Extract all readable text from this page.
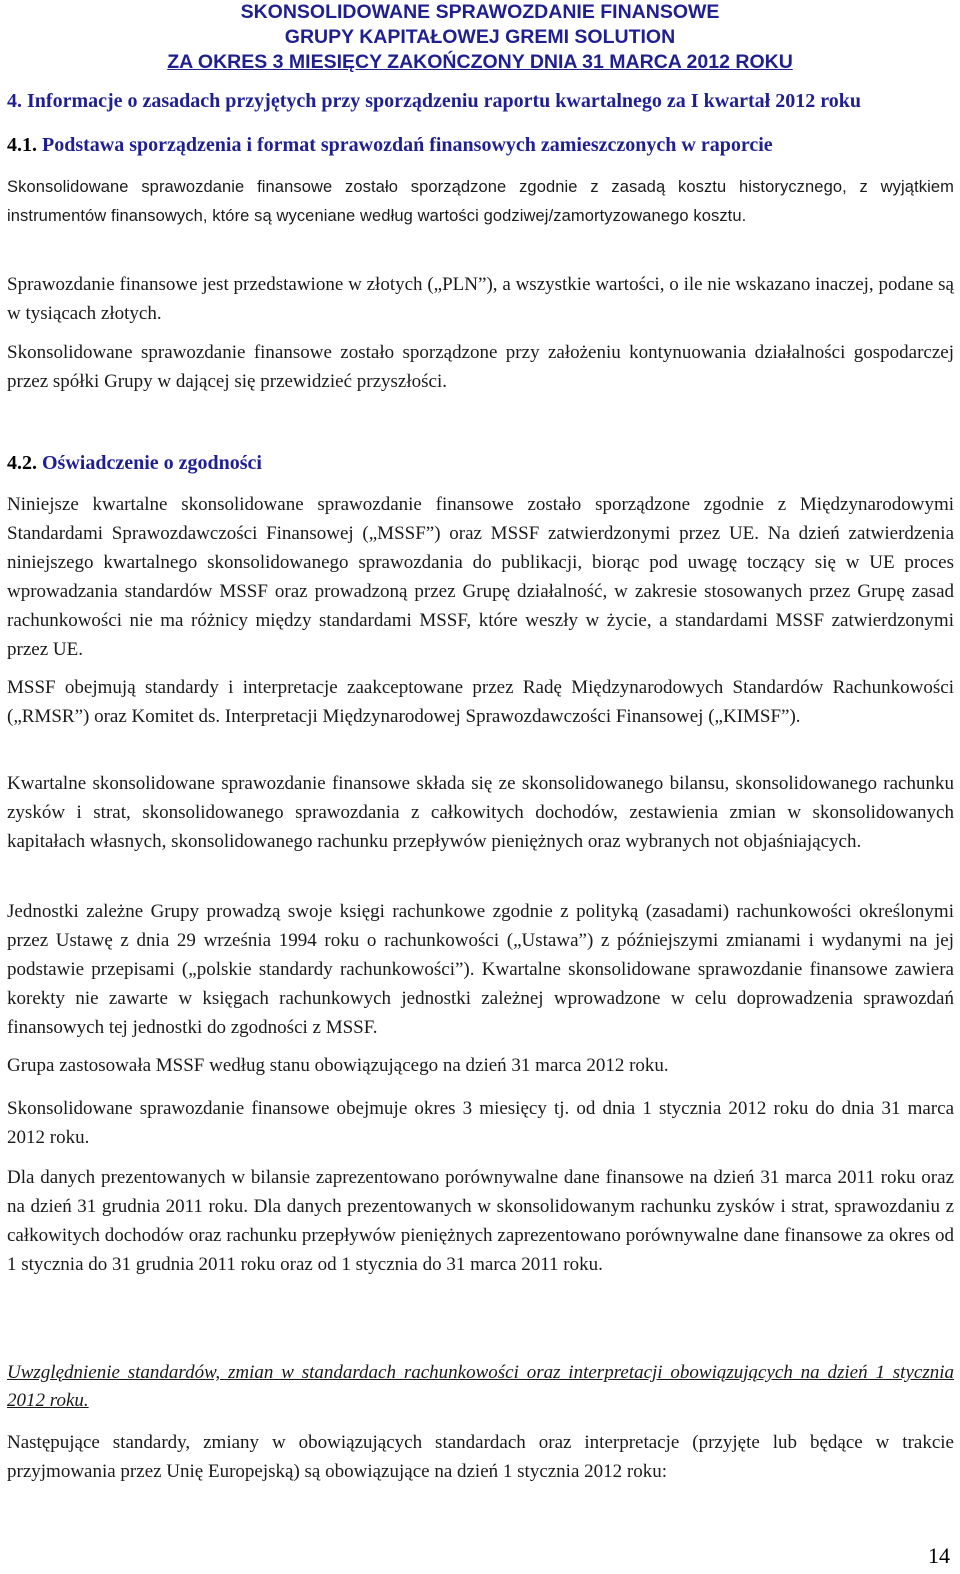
SKONSOLIDOWANE SPRAWOZDANIE FINANSOWE
GRUPY KAPITAŁOWEJ GREMI SOLUTION
ZA OKRES 3 MIESIĘCY ZAKOŃCZONY DNIA 31 MARCA 2012 ROKU
4. Informacje o zasadach przyjętych przy sporządzeniu raportu kwartalnego za I kwartał 2012 roku
4.1. Podstawa sporządzenia i format sprawozdań finansowych zamieszczonych w raporcie

Skonsolidowane sprawozdanie finansowe zostało sporządzone zgodnie z zasadą kosztu historycznego, z wyjątkiem instrumentów finansowych, które są wyceniane według wartości godziwej/zamortyzowanego kosztu.

Sprawozdanie finansowe jest przedstawione w złotych („PLN”), a wszystkie wartości, o ile nie wskazano inaczej, podane są w tysiącach złotych.

Skonsolidowane sprawozdanie finansowe zostało sporządzone przy założeniu kontynuowania działalności gospodarczej przez spółki Grupy w dającej się przewidzieć przyszłości.

4.2. Oświadczenie o zgodności

Niniejsze kwartalne skonsolidowane sprawozdanie finansowe zostało sporządzone zgodnie z Międzynarodowymi Standardami Sprawozdawczości Finansowej („MSSF”) oraz MSSF zatwierdzonymi przez UE. Na dzień zatwierdzenia niniejszego kwartalnego skonsolidowanego sprawozdania do publikacji, biorąc pod uwagę toczący się w UE proces wprowadzania standardów MSSF oraz prowadzoną przez Grupę działalność, w zakresie stosowanych przez Grupę zasad rachunkowości nie ma różnicy między standardami MSSF, które weszły w życie, a standardami MSSF zatwierdzonymi przez UE.

MSSF obejmują standardy i interpretacje zaakceptowane przez Radę Międzynarodowych Standardów Rachunkowości („RMSR”) oraz Komitet ds. Interpretacji Międzynarodowej Sprawozdawczości Finansowej („KIMSF”).

Kwartalne skonsolidowane sprawozdanie finansowe składa się ze skonsolidowanego bilansu, skonsolidowanego rachunku zysków i strat, skonsolidowanego sprawozdania z całkowitych dochodów, zestawienia zmian w skonsolidowanych kapitałach własnych, skonsolidowanego rachunku przepływów pieniężnych oraz wybranych not objaśniających.

Jednostki zależne Grupy prowadzą swoje księgi rachunkowe zgodnie z polityką (zasadami) rachunkowości określonymi przez Ustawę z dnia 29 września 1994 roku o rachunkowości („Ustawa”) z późniejszymi zmianami i wydanymi na jej podstawie przepisami („polskie standardy rachunkowości”). Kwartalne skonsolidowane sprawozdanie finansowe zawiera korekty nie zawarte w księgach rachunkowych jednostki zależnej wprowadzone w celu doprowadzenia sprawozdań finansowych tej jednostki do zgodności z MSSF.

Grupa zastosowała MSSF według stanu obowiązującego na dzień 31 marca 2012 roku.

Skonsolidowane sprawozdanie finansowe obejmuje okres 3 miesięcy tj. od dnia 1 stycznia 2012 roku do dnia 31 marca 2012 roku.

Dla danych prezentowanych w bilansie zaprezentowano porównywalne dane finansowe na dzień 31 marca 2011 roku oraz na dzień 31 grudnia 2011 roku. Dla danych prezentowanych w skonsolidowanym rachunku zysków i strat, sprawozdaniu z całkowitych dochodów oraz rachunku przepływów pieniężnych zaprezentowano porównywalne dane finansowe za okres od 1 stycznia do 31 grudnia 2011 roku oraz od 1 stycznia do 31 marca 2011 roku.

Uwzględnienie standardów, zmian w standardach rachunkowości oraz interpretacji obowiązujących na dzień 1 stycznia 2012 roku.

Następujące standardy, zmiany w obowiązujących standardach oraz interpretacje (przyjęte lub będące w trakcie przyjmowania przez Unię Europejską) są obowiązujące na dzień 1 stycznia 2012 roku:

14
